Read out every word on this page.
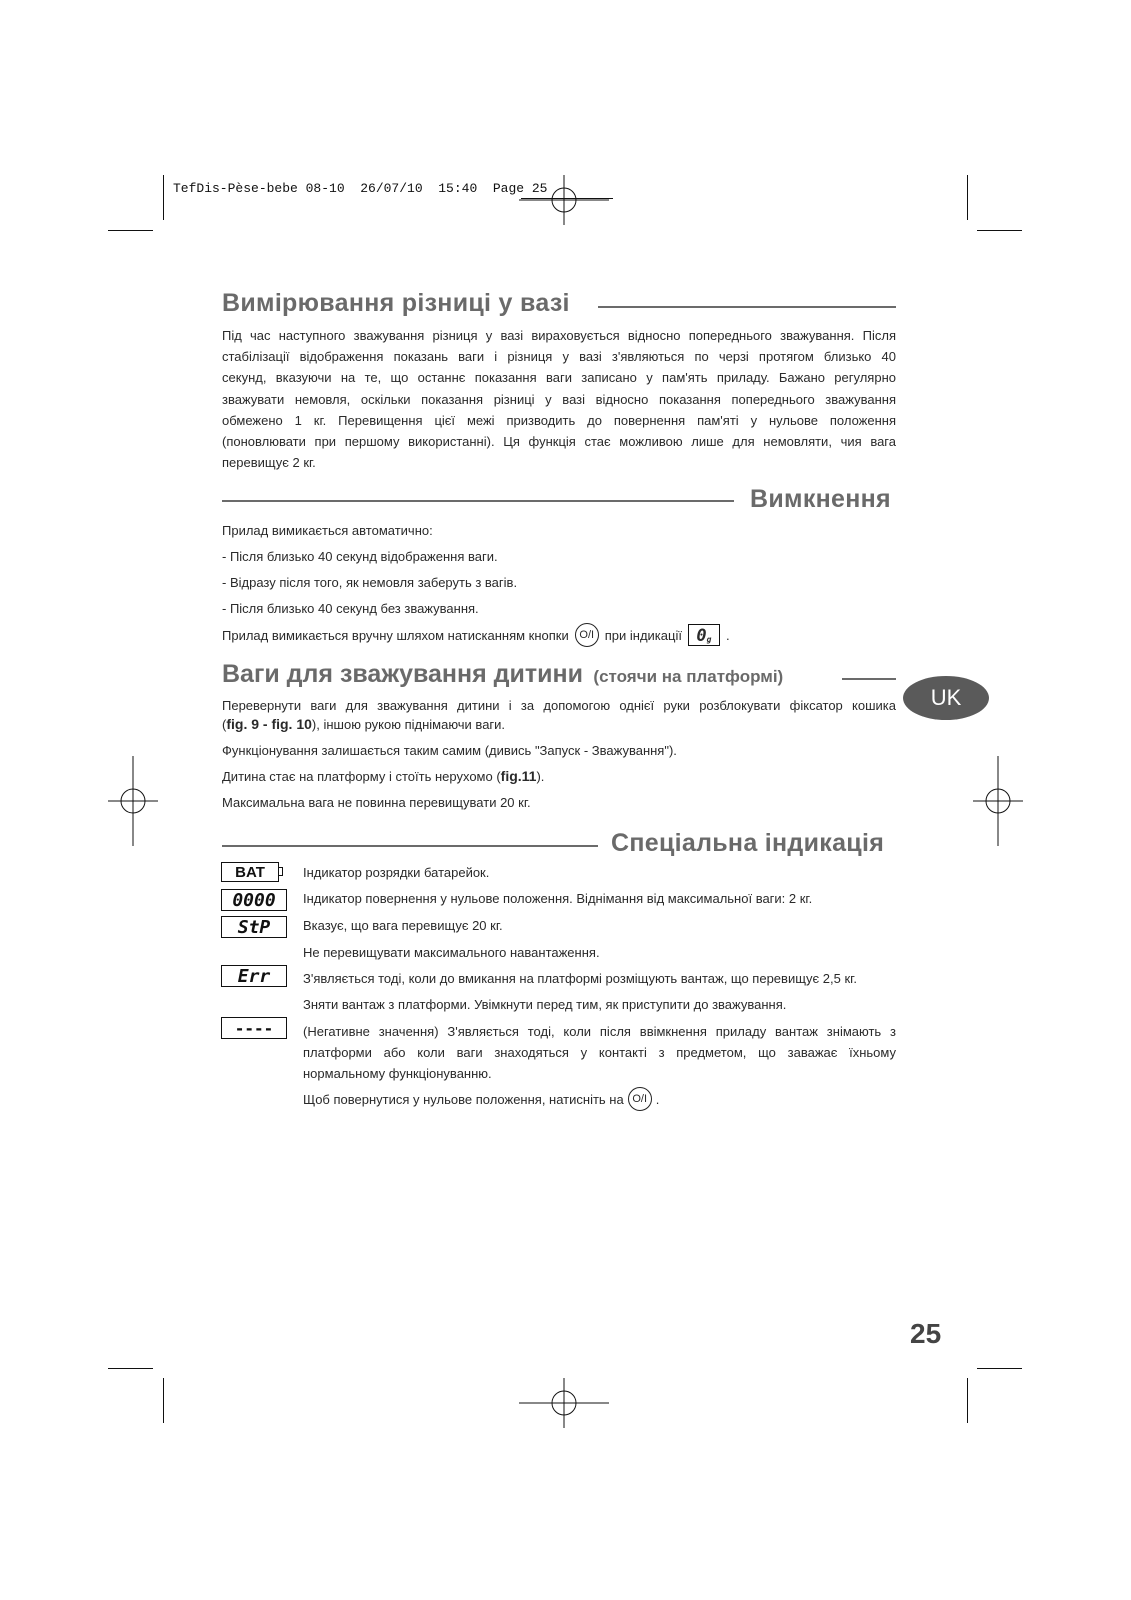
TefDis-Pèse-bebe 08-10  26/07/10  15:40  Page 25
Вимірювання різниці у вазі
Під час наступного зважування різниця у вазі вираховується відносно попереднього зважування. Після
стабілізації відображення показань ваги і різниця у вазі з'являються по черзі протягом близько 40
секунд, вказуючи на те, що останнє показання ваги записано у пам'ять приладу. Бажано регулярно
зважувати немовля, оскільки показання різниці у вазі відносно показання попереднього зважування
обмежено 1 кг. Перевищення цієї межі призводить до повернення пам'яті у нульове положення
(поновлювати при першому використанні). Ця функція стає можливою лише для немовляти, чия вага
перевищує 2 кг.
Вимкнення
Прилад вимикається автоматично:
- Після близько 40 секунд відображення ваги.
- Відразу після того, як немовля заберуть з вагів.
- Після близько 40 секунд без зважування.
Прилад вимикається вручну шляхом натисканням кнопки O/I при індикації 0 g .
Ваги для зважування дитини (стоячи на платформі)
UK
Перевернути ваги для зважування дитини і за допомогою однієї руки розблокувати фіксатор кошика
(fig. 9 - fig. 10), іншою рукою піднімаючи ваги.
Функціонування залишається таким самим (дивись "Запуск - Зважування").
Дитина стає на платформу і стоїть нерухомо (fig.11).
Максимальна вага не повинна перевищувати 20 кг.
Спеціальна індикація
BAT	Індикатор розрядки батарейок.
0000	Індикатор повернення у нульове положення. Віднімання від максимальної ваги: 2 кг.
StP	Вказує, що вага перевищує 20 кг.
Не перевищувати максимального навантаження.
Err	З'являється тоді, коли до вмикання на платформі розміщують вантаж, що перевищує 2,5 кг.
Зняти вантаж з платформи. Увімкнути перед тим, як приступити до зважування.
----	(Негативне значення) З'являється тоді, коли після ввімкнення приладу вантаж знімають з
платформи або коли ваги знаходяться у контакті з предметом, що заважає їхньому
нормальному функціонуванню.
Щоб повернутися у нульове положення, натисніть на O/I .
25
